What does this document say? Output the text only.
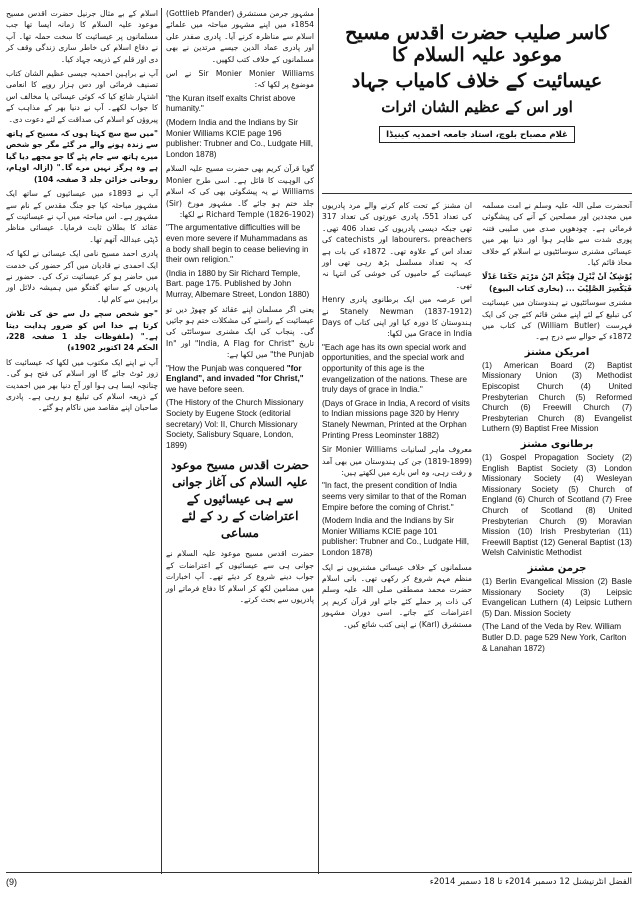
کاسر صلیب حضرت اقدس مسیح موعود علیہ السلام کا
عیسائیت کے خلاف کامیاب جہاد
اور اس کے عظیم الشان اثرات
غلام مصباح بلوچ، استاد جامعہ احمدیہ کینیڈا

آنحضرت صلی اللہ علیہ وسلم نے امت مسلمہ میں مجددین اور مصلحین کے آنے کی پیشگوئی فرمائی ہے۔ چودھویں صدی میں صلیبی فتنہ پوری شدت سے ظاہر ہوا اور دنیا بھر میں عیسائی مشنری سوسائٹیوں نے اسلام کے خلاف محاذ قائم کیا۔

یُوْشِکُ اَنْ یَّنْزِلَ فِیْکُمْ ابْنُ مَرْیَمَ حَکَمًا عَدْلًا فَیَکْسِرَ الصَّلِیْبَ ... (بخاری کتاب البیوع)

مشنری سوسائٹیوں نے ہندوستان میں عیسائیت کی تبلیغ کے لئے اپنے مشن قائم کئے جن کی ایک فہرست (William Butler) کی کتاب میں 1872ء کے حوالے سے درج ہے۔

امریکن مشنز

(1) American Board (2) Baptist Missionary Union (3) Methodist Episcopist Church (4) United Presbyterian Church (5) Reformed Church (6) Freewill Church (7) Presbyterian Church (8) Evangelist Luthern (9) Baptist Free Mission

برطانوی مشنز

(1) Gospel Propagation Society (2) English Baptist Society (3) London Missionary Society (4) Wesleyan Missionary Society (5) Church of England (6) Church of Scotland (7) Free Church of Scotland (8) United Presbyterian Church (9) Moravian Mission (10) Irish Presbyterian (11) Freewill Baptist (12) General Baptist (13) Welsh Calvinistic Methodist

جرمن مشنز

(1) Berlin Evangelical Mission (2) Basle Missionary Society (3) Leipsic Evangelican Luthern (4) Leipsic Luthern (5) Dan. Mission Society

(The Land of the Veda by Rev. William Butler D.D. page 529 New York, Carlton & Lanahan 1872)

ان مشنز کے تحت کام کرنے والے مرد پادریوں کی تعداد 551، پادری عورتوں کی تعداد 317 تھی جبکہ دیسی پادریوں کی تعداد 406 تھی۔ labourers، preachers اور catechists کی تعداد اس کے علاوہ تھی۔ 1872ء کی بات ہے کہ یہ تعداد مسلسل بڑھ رہی تھی اور عیسائیت کے حامیوں کی خوشی کی انتہا نہ تھی۔

اس عرصہ میں ایک برطانوی پادری Henry Stanely Newman (1837-1912) نے ہندوستان کا دورہ کیا اور اپنی کتاب Days of Grace in India میں لکھا:

"Each age has its own special work and opportunities, and the special work and opportunity of this age is the evangelization of the nations. These are truly days of grace in India."

(Days of Grace in India, A record of visits to Indian missions page 320 by Henry Stanely Newman, Printed at the Orphan Printing Press Leominster 1882)

معروف ماہر لسانیات Sir Monier Williams (1819-1899) جن کی ہندوستان میں بھی آمد و رفت رہی، وہ اس بارے میں لکھتے ہیں:

"In fact, the present condition of India seems very similar to that of the Roman Empire before the coming of Christ."

(Modern India and the Indians by Sir Monier Williams KCIE page 101 publisher: Trubner and Co., Ludgate Hill, London 1878)

مسلمانوں کے خلاف عیسائی مشنریوں نے ایک منظم مہم شروع کر رکھی تھی۔ بانی اسلام حضرت محمد مصطفی صلی اللہ علیہ وسلم کی ذات پر حملے کئے جاتے اور قرآن کریم پر اعتراضات کئے جاتے۔ اسی دوران مشہور مستشرق (Karl) نے اپنی کتب شائع کیں۔

مشہور جرمن مستشرق (Gottlieb Pfander) 1854ء میں اپنے مشہور مباحثہ میں علمائے اسلام سے مناظرہ کرنے آیا۔ پادری صفدر علی اور پادری عماد الدین جیسے مرتدین نے بھی مسلمانوں کے خلاف کتب لکھیں۔

Sir Monier Monier Williams نے اس موضوع پر لکھا کہ:

"the Kuran itself exalts Christ above humanity."

(Modern India and the Indians by Sir Monier Williams KCIE page 196 publisher: Trubner and Co., Ludgate Hill, London 1878)

گویا قرآن کریم بھی حضرت مسیح علیہ السلام کی الوہیت کا قائل ہے۔ اسی طرح Monier Williams نے یہ پیشگوئی بھی کی کہ اسلام جلد ختم ہو جائے گا۔ مشہور مورخ (Sir) Richard Temple (1826-1902) نے لکھا:

"The argumentative difficulties will be even more severe if Muhammadans as a body shall begin to cease believing in their own religion."

(India in 1880 by Sir Richard Temple, Bart. page 175. Published by John Murray, Albemare Street, London 1880)

یعنی اگر مسلمان اپنے عقائد کو چھوڑ دیں تو عیسائیت کے راستے کی مشکلات ختم ہو جائیں گی۔ پنجاب کی ایک مشنری سوسائٹی کی تاریخ "India, A Flag for Christ" اور "In the Punjab" میں لکھا ہے:

"How the Punjab was conquered "for England", and invaded "for Christ," we have before seen.

(The History of the Church Missionary Society by Eugene Stock (editorial secretary) Vol: II, Church Missionary Society, Salisbury Square, London, 1899)

حضرت اقدس مسیح موعود علیہ السلام کی آغاز جوانی سے ہی عیسائیوں کے اعتراضات کے رد کے لئے مساعی

حضرت اقدس مسیح موعود علیہ السلام نے جوانی ہی سے عیسائیوں کے اعتراضات کے جواب دینے شروع کر دیئے تھے۔ آپ اخبارات میں مضامین لکھ کر اسلام کا دفاع فرماتے اور پادریوں سے بحث کرتے۔

اسلام کے بے مثال جرنیل حضرت اقدس مسیح موعود علیہ السلام کا زمانہ ایسا تھا جب مسلمانوں پر عیسائیت کا سخت حملہ تھا۔ آپ نے دفاع اسلام کی خاطر ساری زندگی وقف کر دی اور قلم کے ذریعہ جہاد کیا۔

آپ نے براہین احمدیہ جیسی عظیم الشان کتاب تصنیف فرمائی اور دس ہزار روپے کا انعامی اشتہار شائع کیا کہ کوئی عیسائی یا مخالف اس کا جواب لکھے۔ آپ نے دنیا بھر کے مذاہب کے پیروؤں کو اسلام کی صداقت کے لئے دعوت دی۔

"میں سچ سچ کہتا ہوں کہ مسیح کے ہاتھ سے زندہ ہونے والے مر گئے مگر جو شخص میرے ہاتھ سے جام پئے گا جو مجھے دیا گیا ہے وہ ہرگز نہیں مرے گا۔" (ازالہ اوہام، روحانی خزائن جلد 3 صفحہ 104)

آپ نے 1893ء میں عیسائیوں کے ساتھ ایک مشہور مباحثہ کیا جو جنگ مقدس کے نام سے مشہور ہے۔ اس مباحثہ میں آپ نے عیسائیت کے عقائد کا بطلان ثابت فرمایا۔ عیسائی مناظر ڈپٹی عبداللہ آتھم تھا۔

پادری احمد مسیح نامی ایک عیسائی نے لکھا کہ ایک احمدی نے قادیان میں آکر حضور کی خدمت میں حاضر ہو کر عیسائیت ترک کی۔ حضور نے پادریوں کے ساتھ گفتگو میں ہمیشہ دلائل اور براہین سے کام لیا۔

"جو شخص سچے دل سے حق کی تلاش کرتا ہے خدا اس کو ضرور ہدایت دیتا ہے۔" (ملفوظات جلد 1 صفحہ 228، الحکم 24 اکتوبر 1902ء)

آپ نے اپنے ایک مکتوب میں لکھا کہ عیسائیت کا زور ٹوٹ جائے گا اور اسلام کی فتح ہو گی۔ چنانچہ ایسا ہی ہوا اور آج دنیا بھر میں احمدیت کے ذریعہ اسلام کی تبلیغ ہو رہی ہے۔ پادری صاحبان اپنے مقاصد میں ناکام ہو گئے۔

(9)	الفضل انٹرنیشنل 12 دسمبر 2014ء تا 18 دسمبر 2014ء
